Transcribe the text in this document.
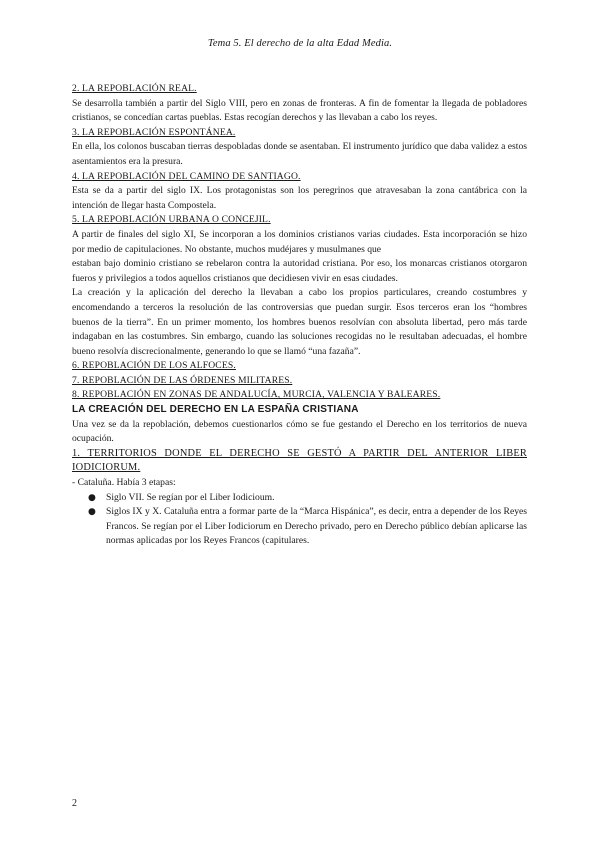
Tema 5. El derecho de la alta Edad Media.

2. LA REPOBLACIÓN REAL.

Se desarrolla también a partir del Siglo VIII, pero en zonas de fronteras. A fin de fomentar la llegada de pobladores cristianos, se concedían cartas pueblas. Estas recogían derechos y las llevaban a cabo los reyes.

3. LA REPOBLACIÓN ESPONTÁNEA.

En ella, los colonos buscaban tierras despobladas donde se asentaban. El instrumento jurídico que daba validez a estos asentamientos era la presura.

4. LA REPOBLACIÓN DEL CAMINO DE SANTIAGO.

Esta se da a partir del siglo IX. Los protagonistas son los peregrinos que atravesaban la zona cantábrica con la intención de llegar hasta Compostela.

5. LA REPOBLACIÓN URBANA O CONCEJIL.

A partir de finales del siglo XI, Se incorporan a los dominios cristianos varias ciudades. Esta incorporación se hizo por medio de capitulaciones. No obstante, muchos mudéjares y musulmanes que

estaban bajo dominio cristiano se rebelaron contra la autoridad cristiana. Por eso, los monarcas cristianos otorgaron fueros y privilegios a todos aquellos cristianos que decidiesen vivir en esas ciudades.

La creación y la aplicación del derecho la llevaban a cabo los propios particulares, creando costumbres y encomendando a terceros la resolución de las controversias que puedan surgir. Esos terceros eran los “hombres buenos de la tierra”. En un primer momento, los hombres buenos resolvían con absoluta libertad, pero más tarde indagaban en las costumbres. Sin embargo, cuando las soluciones recogidas no le resultaban adecuadas, el hombre bueno resolvía discrecionalmente, generando lo que se llamó “una fazaña”.

6. REPOBLACIÓN DE LOS ALFOCES.

7. REPOBLACIÓN DE LAS ÓRDENES MILITARES.

8. REPOBLACIÓN EN ZONAS DE ANDALUCÍA, MURCIA, VALENCIA Y BALEARES.

LA CREACIÓN DEL DERECHO EN LA ESPAÑA CRISTIANA

Una vez se da la repoblación, debemos cuestionarlos cómo se fue gestando el Derecho en los territorios de nueva ocupación.

1. TERRITORIOS DONDE EL DERECHO SE GESTÓ A PARTIR DEL ANTERIOR LIBER IODICIORUM.

- Cataluña. Había 3 etapas:

● Siglo VII. Se regían por el Liber Iodicioum.
● Siglos IX y X. Cataluña entra a formar parte de la “Marca Hispánica”, es decir, entra a depender de los Reyes Francos. Se regían por el Liber Iodiciorum en Derecho privado, pero en Derecho público debían aplicarse las normas aplicadas por los Reyes Francos (capitulares.
2
